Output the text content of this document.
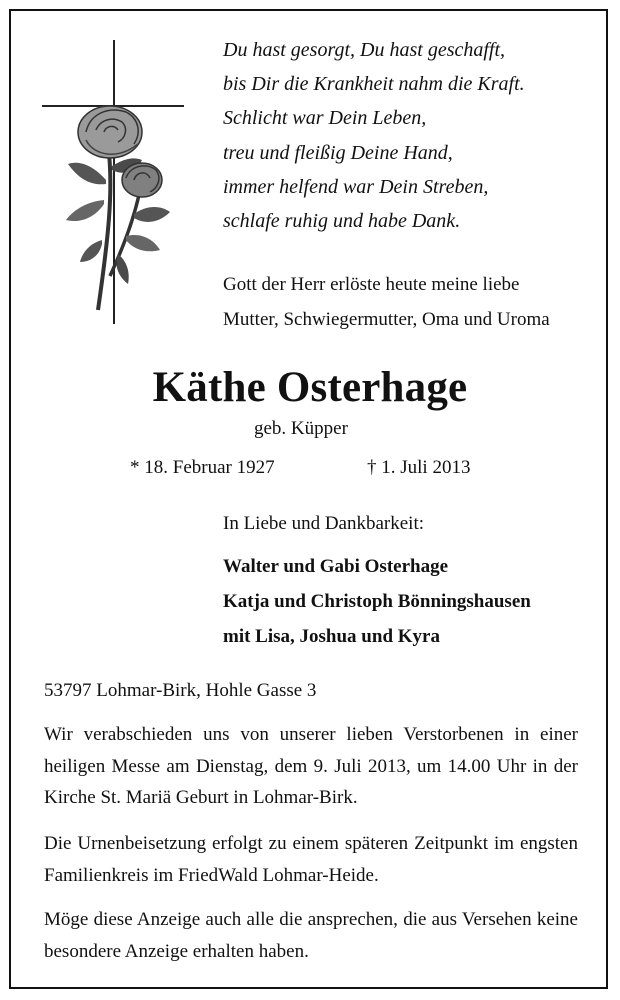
Du hast gesorgt, Du hast geschafft,
bis Dir die Krankheit nahm die Kraft.
Schlicht war Dein Leben,
treu und fleißig Deine Hand,
immer helfend war Dein Streben,
schlafe ruhig und habe Dank.
Gott der Herr erlöste heute meine liebe
Mutter, Schwiegermutter, Oma und Uroma
Käthe Osterhage
geb. Küpper
* 18. Februar 1927	† 1. Juli 2013
In Liebe und Dankbarkeit:
Walter und Gabi Osterhage
Katja und Christoph Bönningshausen
mit Lisa, Joshua und Kyra
53797 Lohmar-Birk, Hohle Gasse 3
Wir verabschieden uns von unserer lieben Verstorbenen in einer heiligen Messe am Dienstag, dem 9. Juli 2013, um 14.00 Uhr in der Kirche St. Mariä Geburt in Lohmar-Birk.
Die Urnenbeisetzung erfolgt zu einem späteren Zeitpunkt im engsten Familienkreis im FriedWald Lohmar-Heide.
Möge diese Anzeige auch alle die ansprechen, die aus Versehen keine besondere Anzeige erhalten haben.
